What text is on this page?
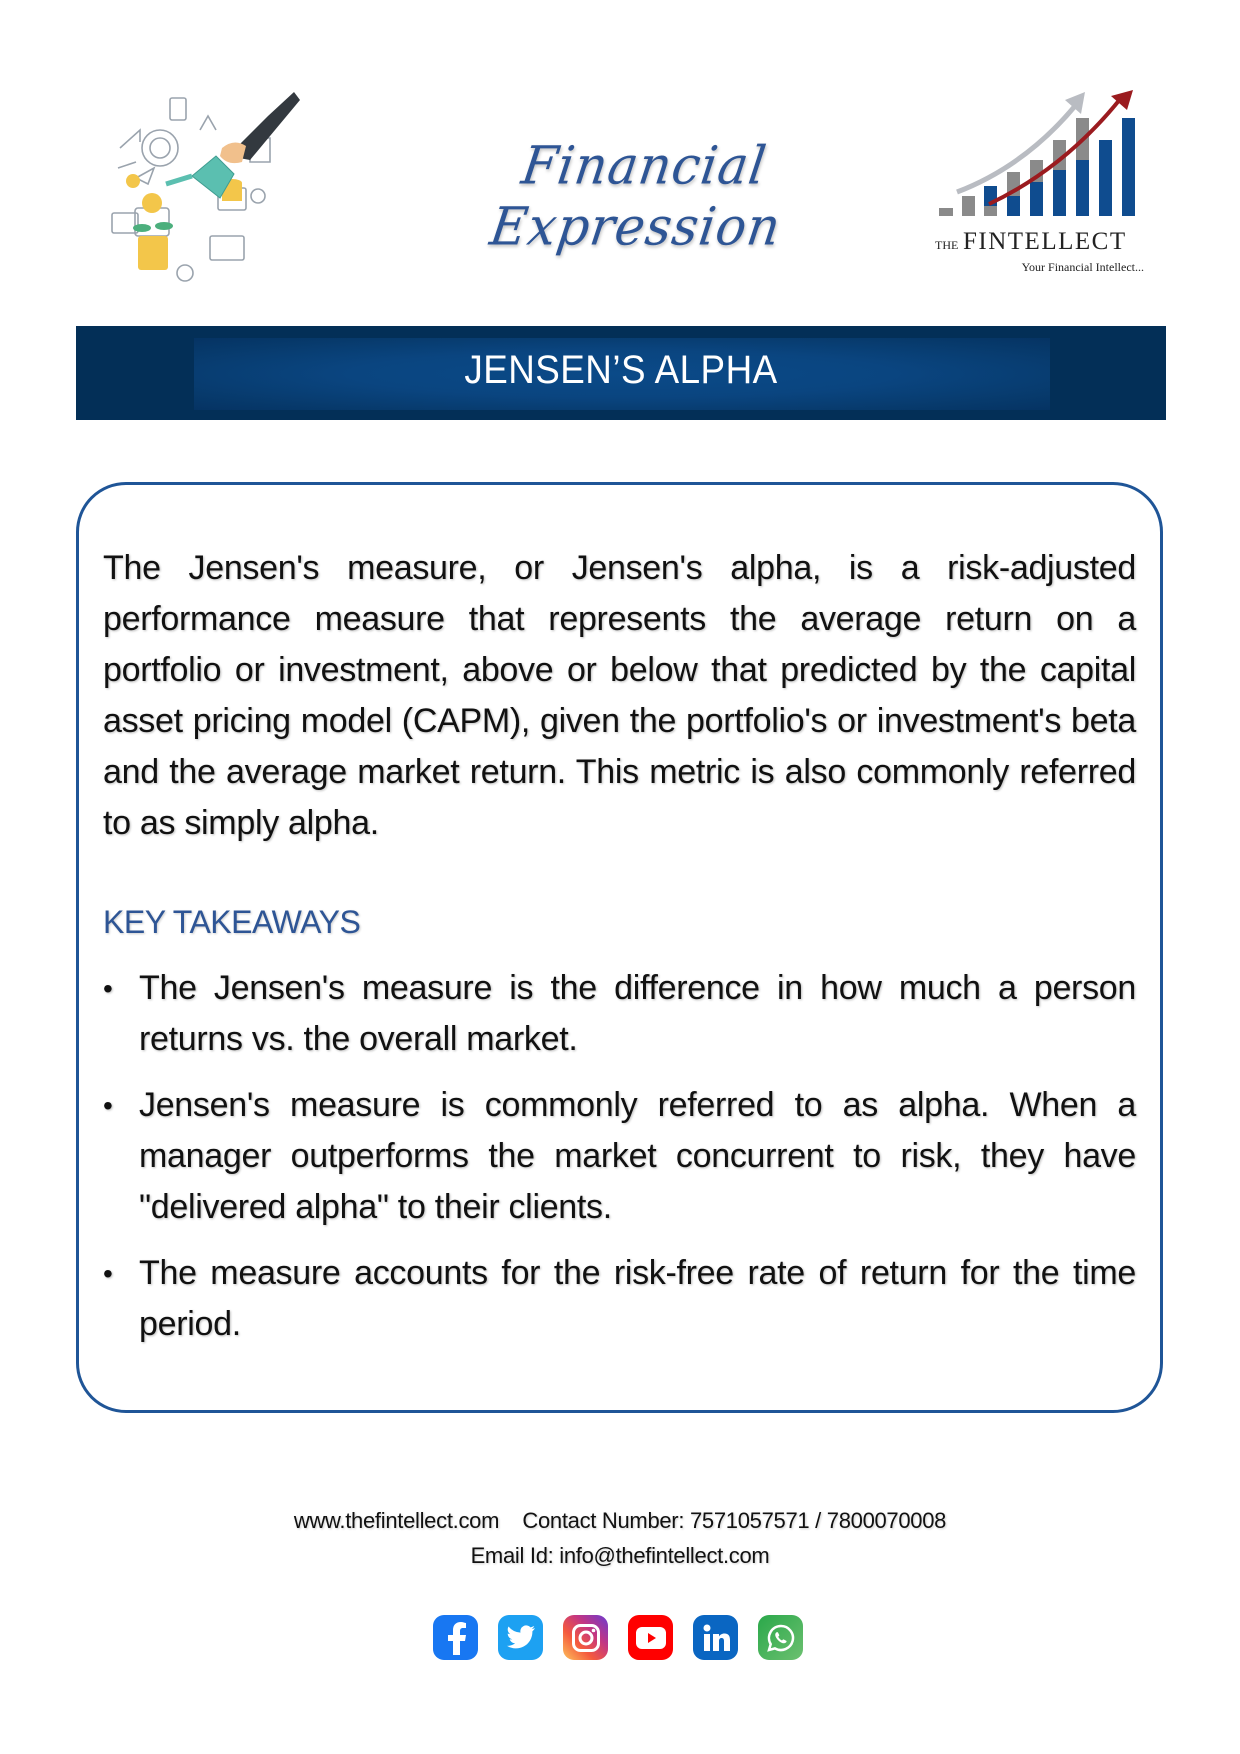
Financial Expression	THE FINTELLECT
Your Financial Intellect...
JENSEN’S ALPHA

The Jensen's measure, or Jensen's alpha, is a risk-adjusted performance measure that represents the average return on a portfolio or investment, above or below that predicted by the capital asset pricing model (CAPM), given the portfolio's or investment's beta and the average market return. This metric is also commonly referred to as simply alpha.

KEY TAKEAWAYS
• The Jensen's measure is the difference in how much a person returns vs. the overall market.
• Jensen's measure is commonly referred to as alpha. When a manager outperforms the market concurrent to risk, they have "delivered alpha" to their clients.
• The measure accounts for the risk-free rate of return for the time period.
www.thefintellect.com Contact Number: 7571057571 / 7800070008
Email Id: info@thefintellect.com
